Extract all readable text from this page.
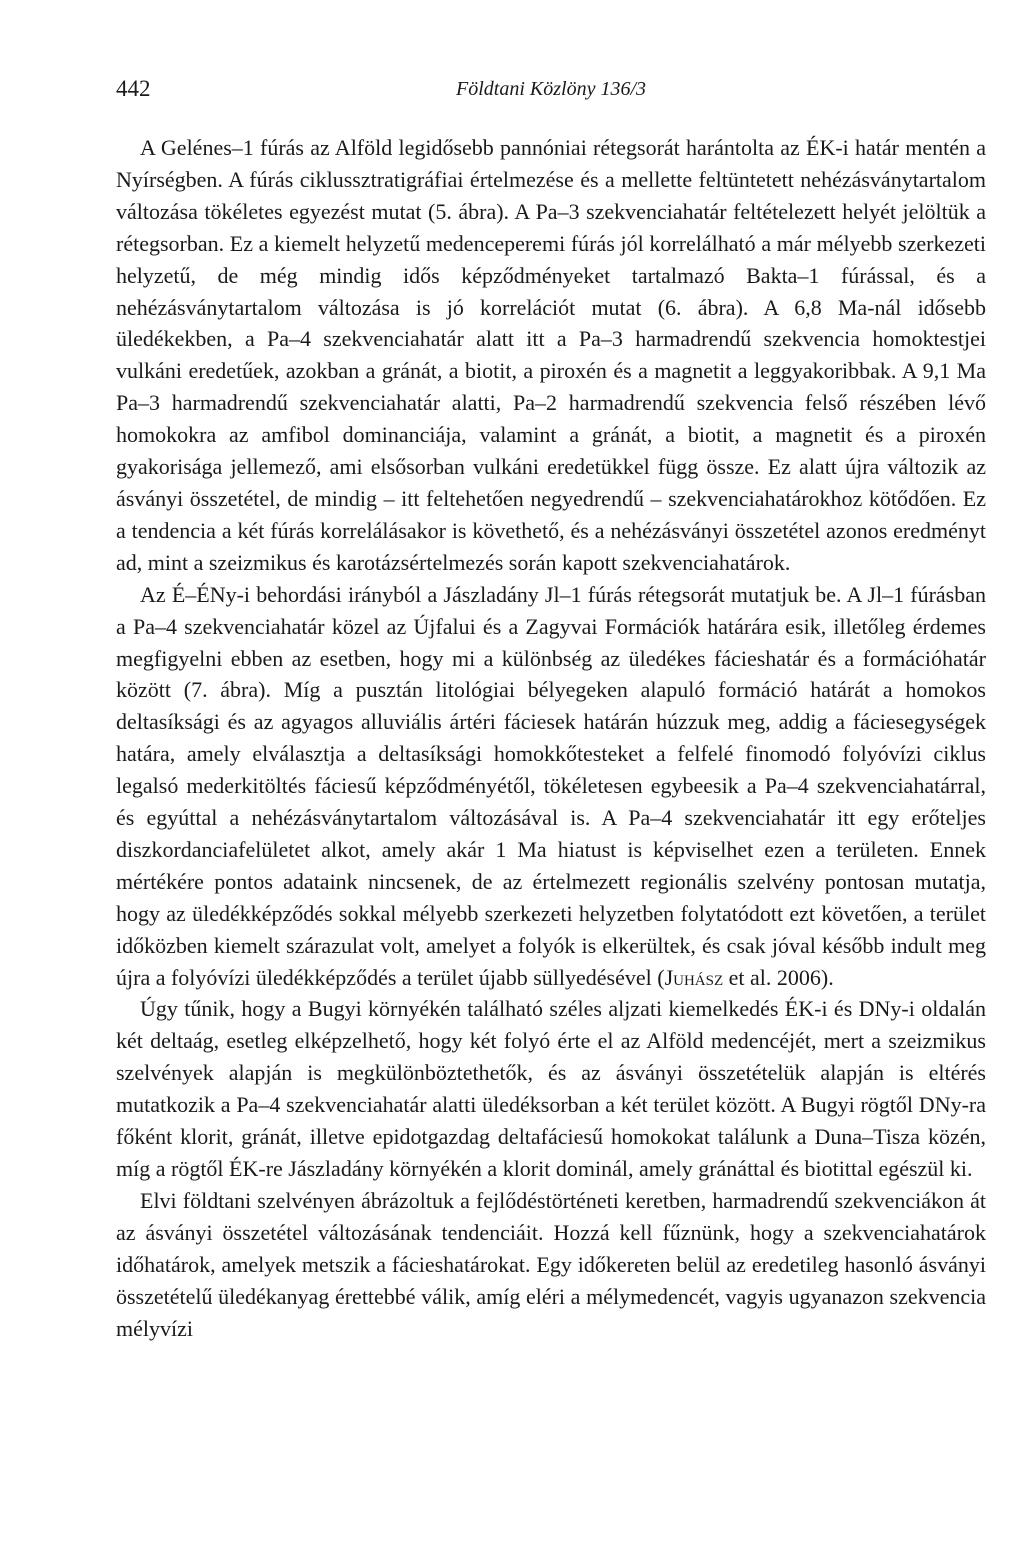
442	Földtani Közlöny 136/3

A Gelénes–1 fúrás az Alföld legidősebb pannóniai rétegsorát harántolta az ÉK-i határ mentén a Nyírségben. A fúrás ciklussztratigráfiai értelmezése és a mellette feltüntetett nehézásványtartalom változása tökéletes egyezést mutat (5. ábra). A Pa–3 szekvenciahatár feltételezett helyét jelöltük a rétegsorban. Ez a kiemelt helyzetű medenceperemi fúrás jól korrelálható a már mélyebb szerkezeti helyzetű, de még mindig idős képződményeket tartalmazó Bakta–1 fúrással, és a nehézásványtartalom változása is jó korrelációt mutat (6. ábra). A 6,8 Ma-nál idősebb üledékekben, a Pa–4 szekvenciahatár alatt itt a Pa–3 harmadrendű szekvencia homoktestjei vulkáni eredetűek, azokban a gránát, a biotit, a piroxén és a magnetit a leggyakoribbak. A 9,1 Ma Pa–3 harmadrendű szekvenciahatár alatti, Pa–2 harmadrendű szekvencia felső részében lévő homokokra az amfibol dominanciája, valamint a gránát, a biotit, a magnetit és a piroxén gyakorisága jellemező, ami elsősorban vulkáni eredetükkel függ össze. Ez alatt újra változik az ásványi összetétel, de mindig – itt feltehetően negyedrendű – szekvenciahatárokhoz kötődően. Ez a tendencia a két fúrás korrelálásakor is követhető, és a nehézásványi összetétel azonos eredményt ad, mint a szeizmikus és karotázsértelmezés során kapott szekvenciahatárok.

Az É–ÉNy-i behordási irányból a Jászladány Jl–1 fúrás rétegsorát mutatjuk be. A Jl–1 fúrásban a Pa–4 szekvenciahatár közel az Újfalui és a Zagyvai Formációk határára esik, illetőleg érdemes megfigyelni ebben az esetben, hogy mi a különbség az üledékes fácieshatár és a formációhatár között (7. ábra). Míg a pusztán litológiai bélyegeken alapuló formáció határát a homokos deltasíksági és az agyagos alluviális ártéri fáciesek határán húzzuk meg, addig a fáciesegységek határa, amely elválasztja a deltasíksági homokkőtesteket a felfelé finomodó folyóvízi ciklus legalsó mederkitöltés fáciesű képződményétől, tökéletesen egybeesik a Pa–4 szekvenciahatárral, és egyúttal a nehézásványtartalom változásával is. A Pa–4 szekvenciahatár itt egy erőteljes diszkordanciafelületet alkot, amely akár 1 Ma hiatust is képviselhet ezen a területen. Ennek mértékére pontos adataink nincsenek, de az értelmezett regionális szelvény pontosan mutatja, hogy az üledékképződés sokkal mélyebb szerkezeti helyzetben folytatódott ezt követően, a terület időközben kiemelt szárazulat volt, amelyet a folyók is elkerültek, és csak jóval később indult meg újra a folyóvízi üledékképződés a terület újabb süllyedésével (Juhász et al. 2006).

Úgy tűnik, hogy a Bugyi környékén található széles aljzati kiemelkedés ÉK-i és DNy-i oldalán két deltaág, esetleg elképzelhető, hogy két folyó érte el az Alföld medencéjét, mert a szeizmikus szelvények alapján is megkülönböztethetők, és az ásványi összetételük alapján is eltérés mutatkozik a Pa–4 szekvenciahatár alatti üledéksorban a két terület között. A Bugyi rögtől DNy-ra főként klorit, gránát, illetve epidotgazdag deltafáciesű homokokat találunk a Duna–Tisza közén, míg a rögtől ÉK-re Jászladány környékén a klorit dominál, amely gránáttal és biotittal egészül ki.

Elvi földtani szelvényen ábrázoltuk a fejlődéstörténeti keretben, harmadrendű szekvenciákon át az ásványi összetétel változásának tendenciáit. Hozzá kell fűznünk, hogy a szekvenciahatárok időhatárok, amelyek metszik a fácieshatárokat. Egy időkereten belül az eredetileg hasonló ásványi összetételű üledékanyag érettebbé válik, amíg eléri a mélymedencét, vagyis ugyanazon szekvencia mélyvízi
